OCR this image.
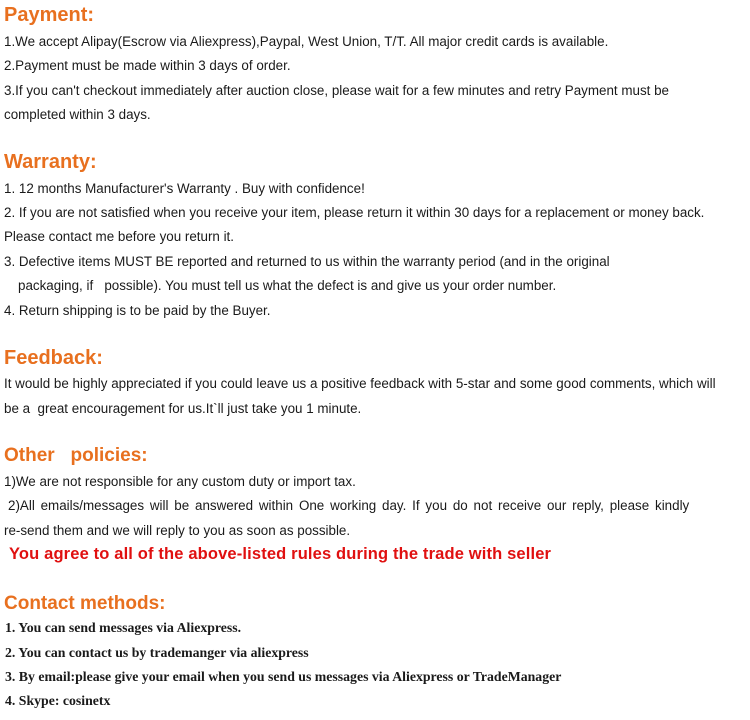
Payment:
1.We accept Alipay(Escrow via Aliexpress),Paypal, West Union, T/T. All major credit cards is available.
2.Payment must be made within 3 days of order.
3.If you can't checkout immediately after auction close, please wait for a few minutes and retry Payment must be
completed within 3 days.
Warranty:
1. 12 months Manufacturer's Warranty . Buy with confidence!
2. If you are not satisfied when you receive your item, please return it within 30 days for a replacement or money back.
Please contact me before you return it.
3. Defective items MUST BE reported and returned to us within the warranty period (and in the original
packaging, if   possible). You must tell us what the defect is and give us your order number.
4. Return shipping is to be paid by the Buyer.
Feedback:
It would be highly appreciated if you could leave us a positive feedback with 5-star and some good comments, which will
be a  great encouragement for us.It`ll just take you 1 minute.
Other   policies:
1)We are not responsible for any custom duty or import tax.
2)All emails/messages will be answered within One working day. If you do not receive our reply, please kindly
re-send them and we will reply to you as soon as possible.
You agree to all of the above-listed rules during the trade with seller
Contact methods:
1. You can send messages via Aliexpress.
2. You can contact us by trademanger via aliexpress
3. By email:please give your email when you send us messages via Aliexpress or TradeManager
4. Skype: cosinetx
